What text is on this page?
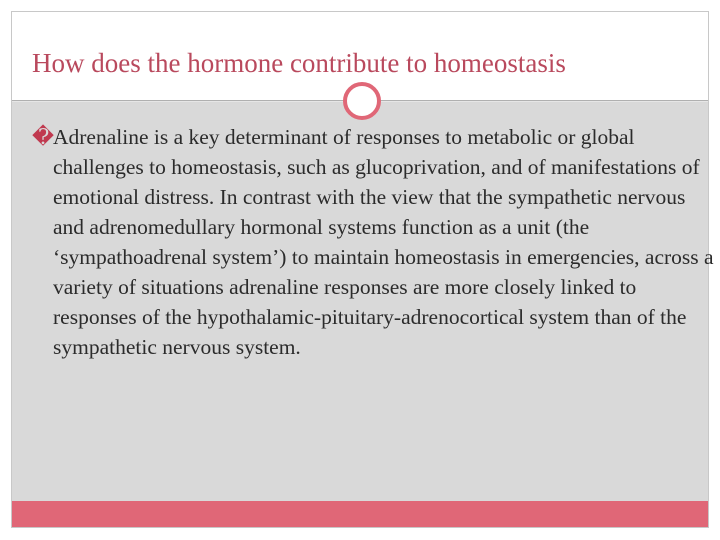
How does the hormone contribute to homeostasis

�Adrenaline is a key determinant of responses to metabolic or global challenges to homeostasis, such as glucoprivation, and of manifestations of emotional distress. In contrast with the view that the sympathetic nervous and adrenomedullary hormonal systems function as a unit (the ‘sympathoadrenal system’) to maintain homeostasis in emergencies, across a variety of situations adrenaline responses are more closely linked to responses of the hypothalamic-pituitary-adrenocortical system than of the sympathetic nervous system.
